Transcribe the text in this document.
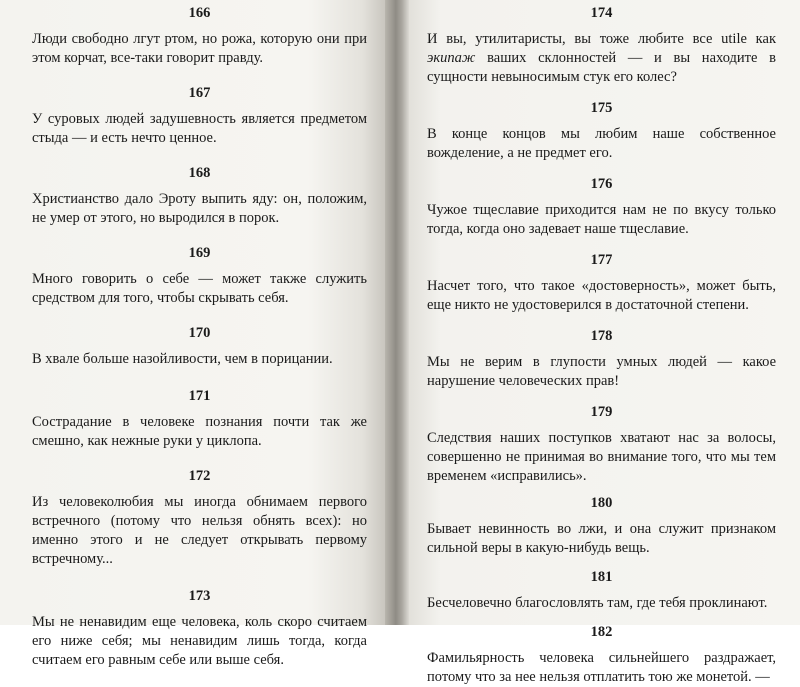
166

Люди свободно лгут ртом, но рожа, которую они при этом корчат, все-таки говорит правду.

167

У суровых людей задушевность является предметом стыда — и есть нечто ценное.

168

Христианство дало Эроту выпить яду: он, положим, не умер от этого, но выродился в порок.

169

Много говорить о себе — может также служить средством для того, чтобы скрывать себя.

170

В хвале больше назойливости, чем в порицании.

171

Сострадание в человеке познания почти так же смешно, как нежные руки у циклопа.

172

Из человеколюбия мы иногда обнимаем первого встречного (потому что нельзя обнять всех): но именно этого и не следует открывать первому встречному...

173

Мы не ненавидим еще человека, коль скоро считаем его ниже себя; мы ненавидим лишь тогда, когда считаем его равным себе или выше себя.

174

И вы, утилитаристы, вы тоже любите все utile как экипаж ваших склонностей — и вы находите в сущности невыносимым стук его колес?

175

В конце концов мы любим наше собственное вожделение, а не предмет его.

176

Чужое тщеславие приходится нам не по вкусу только тогда, когда оно задевает наше тщеславие.

177

Насчет того, что такое «достоверность», может быть, еще никто не удостоверился в достаточной степени.

178

Мы не верим в глупости умных людей — какое нарушение человеческих прав!

179

Следствия наших поступков хватают нас за волосы, совершенно не принимая во внимание того, что мы тем временем «исправились».

180

Бывает невинность во лжи, и она служит признаком сильной веры в какую-нибудь вещь.

181

Бесчеловечно благословлять там, где тебя проклинают.

182

Фамильярность человека сильнейшего раздражает, потому что за нее нельзя отплатить тою же монетой. —
